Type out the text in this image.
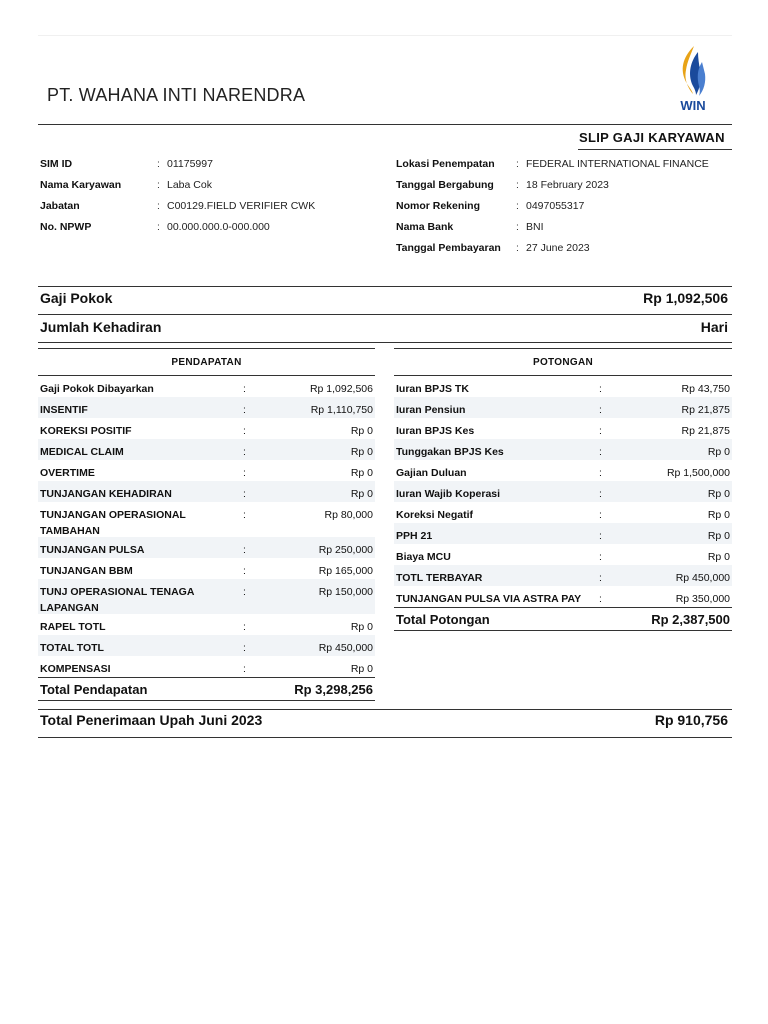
PT. WAHANA INTI NARENDRA
WIN
SLIP GAJI KARYAWAN
SIM ID	: 01175997
Nama Karyawan	: Laba Cok
Jabatan	: C00129.FIELD VERIFIER CWK
No. NPWP	: 00.000.000.0-000.000
Lokasi Penempatan	: FEDERAL INTERNATIONAL FINANCE
Tanggal Bergabung	: 18 February 2023
Nomor Rekening	: 0497055317
Nama Bank	: BNI
Tanggal Pembayaran	: 27 June 2023
Gaji Pokok	Rp 1,092,506
Jumlah Kehadiran	Hari
PENDAPATAN
Gaji Pokok Dibayarkan	:	Rp 1,092,506
INSENTIF	:	Rp 1,110,750
KOREKSI POSITIF	:	Rp 0
MEDICAL CLAIM	:	Rp 0
OVERTIME	:	Rp 0
TUNJANGAN KEHADIRAN	:	Rp 0
TUNJANGAN OPERASIONAL TAMBAHAN
:	Rp 80,000
TUNJANGAN PULSA	:	Rp 250,000
TUNJANGAN BBM	:	Rp 165,000
TUNJ OPERASIONAL TENAGA LAPANGAN
:	Rp 150,000
RAPEL TOTL	:	Rp 0
TOTAL TOTL	:	Rp 450,000
KOMPENSASI	:	Rp 0
Total Pendapatan	Rp 3,298,256
POTONGAN
Iuran BPJS TK	:	Rp 43,750
Iuran Pensiun	:	Rp 21,875
Iuran BPJS Kes	:	Rp 21,875
Tunggakan BPJS Kes	:	Rp 0
Gajian Duluan	:	Rp 1,500,000
Iuran Wajib Koperasi	:	Rp 0
Koreksi Negatif	:	Rp 0
PPH 21	:	Rp 0
Biaya MCU	:	Rp 0
TOTL TERBAYAR	:	Rp 450,000
TUNJANGAN PULSA VIA ASTRA PAY	:	Rp 350,000
Total Potongan	Rp 2,387,500
Total Penerimaan Upah Juni 2023	Rp 910,756
